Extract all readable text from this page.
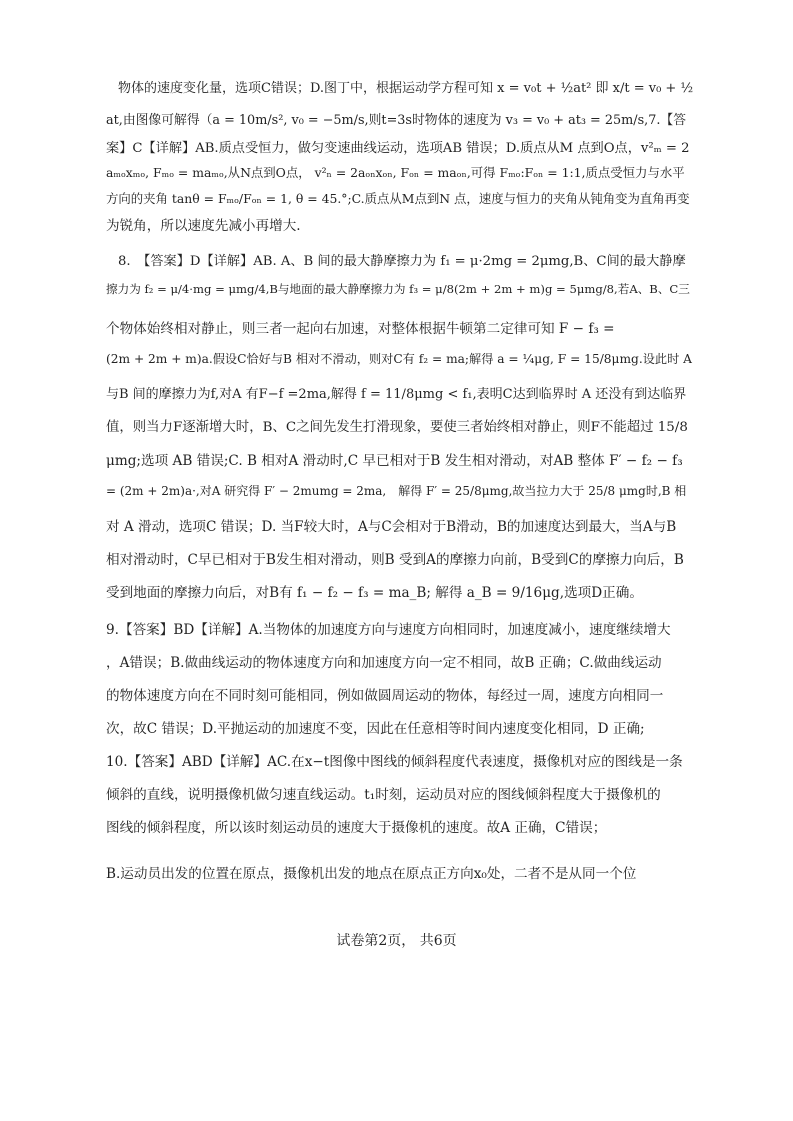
物体的速度变化量，选项C错误；D.图丁中，根据运动学方程可知 x = v₀t + ½at² 即 x/t = v₀ + ½
at,由图像可解得（a = 10m/s², v₀ = −5m/s,则t=3s时物体的速度为 v₃ = v₀ + at₃ = 25m/s,7.【答
案】C【详解】AB.质点受恒力，做匀变速曲线运动，选项AB 错误；D.质点从M 点到O点，v²ₘ = 2
aₘₒxₘₒ, Fₘₒ = maₘₒ,从N点到O点， v²ₙ = 2aₒₙxₒₙ, Fₒₙ = maₒₙ,可得 Fₘₒ:Fₒₙ = 1:1,质点受恒力与水平
方向的夹角 tanθ = Fₘₒ/Fₒₙ = 1, θ = 45.°;C.质点从M点到N 点，速度与恒力的夹角从钝角变为直角再变
为锐角，所以速度先减小再增大.
8.　【答案】D【详解】AB. A、B 间的最大静摩擦力为 f₁ = μ·2mg = 2μmg,B、C间的最大静摩
擦力为 f₂ = μ/4·mg = μmg/4,B与地面的最大静摩擦力为 f₃ = μ/8(2m + 2m + m)g = 5μmg/8,若A、B、C三
个物体始终相对静止，则三者一起向右加速，对整体根据牛顿第二定律可知 F − f₃ =
(2m + 2m + m)a.假设C恰好与B 相对不滑动，则对C有 f₂ = ma;解得 a = ¼μg, F = 15/8μmg.设此时 A
与B 间的摩擦力为f,对A 有F−f =2ma,解得 f = 11/8μmg < f₁,表明C达到临界时 A 还没有到达临界
值，则当力F逐渐增大时，B、C之间先发生打滑现象，要使三者始终相对静止，则F不能超过 15/8
μmg;选项 AB 错误;C. B 相对A 滑动时,C 早已相对于B 发生相对滑动，对AB 整体 F′ − f₂ − f₃
= (2m + 2m)a·,对A 研究得 F′ − 2mumg = 2ma,　解得 F′ = 25/8μmg,故当拉力大于 25/8 μmg时,B 相
对 A 滑动，选项C 错误；D. 当F较大时，A与C会相对于B滑动，B的加速度达到最大，当A与B
相对滑动时，C早已相对于B发生相对滑动，则B 受到A的摩擦力向前，B受到C的摩擦力向后，B
受到地面的摩擦力向后，对B有 f₁ − f₂ − f₃ = ma_B; 解得 a_B = 9/16μg,选项D正确。
9.【答案】BD【详解】A.当物体的加速度方向与速度方向相同时，加速度减小，速度继续增大
，A错误；B.做曲线运动的物体速度方向和加速度方向一定不相同，故B 正确；C.做曲线运动
的物体速度方向在不同时刻可能相同，例如做圆周运动的物体，每经过一周，速度方向相同一
次，故C 错误；D.平抛运动的加速度不变，因此在任意相等时间内速度变化相同，D 正确;
10.【答案】ABD【详解】AC.在x−t图像中图线的倾斜程度代表速度，摄像机对应的图线是一条
倾斜的直线，说明摄像机做匀速直线运动。t₁时刻，运动员对应的图线倾斜程度大于摄像机的
图线的倾斜程度，所以该时刻运动员的速度大于摄像机的速度。故A 正确，C错误；
B.运动员出发的位置在原点，摄像机出发的地点在原点正方向x₀处，二者不是从同一个位
试卷第2页， 共6页
